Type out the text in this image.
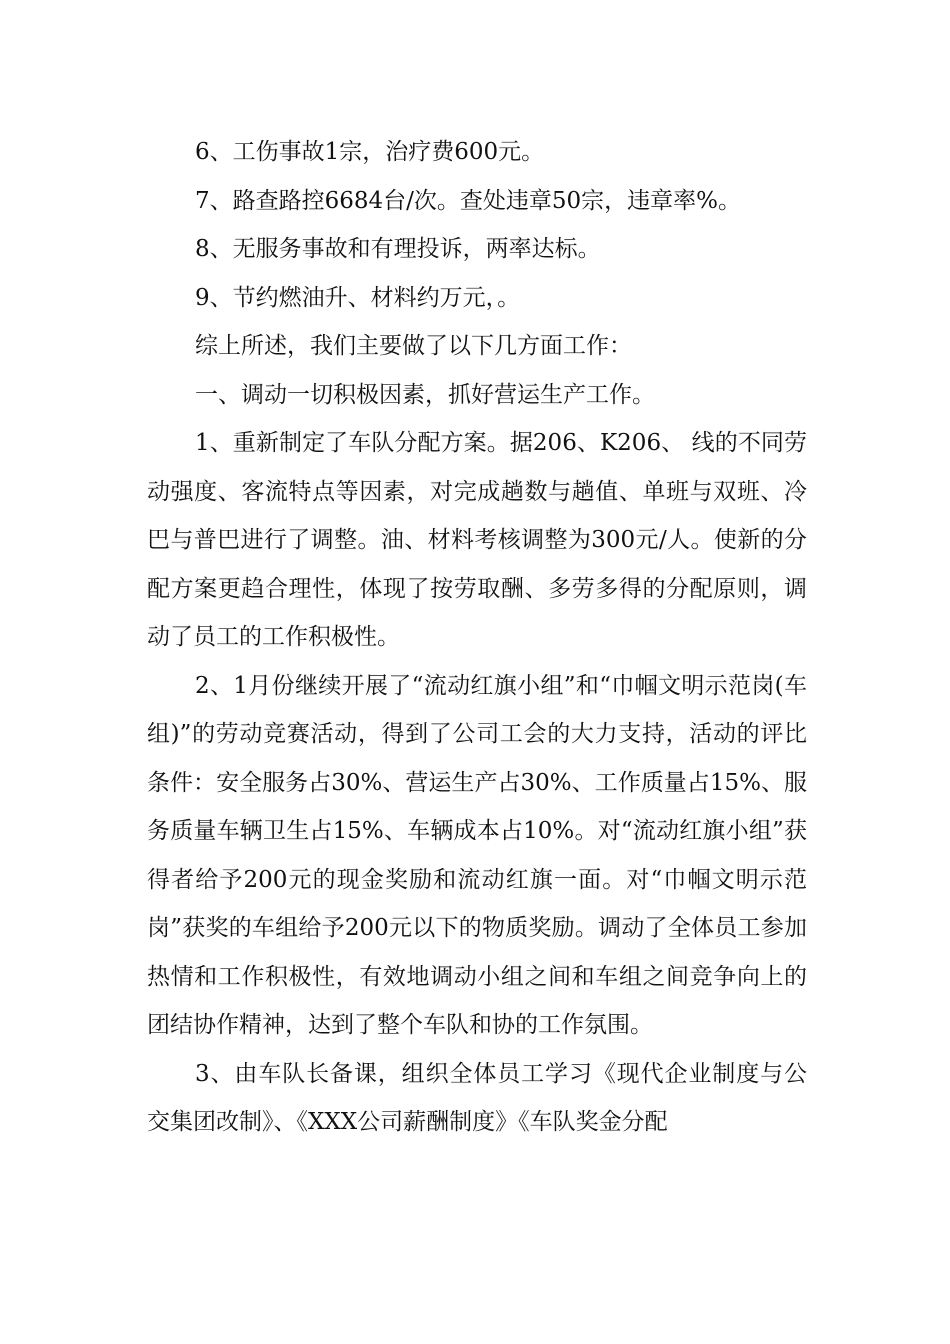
6、工伤事故1宗，治疗费600元。

7、路查路控6684台/次。查处违章50宗，违章率%。

8、无服务事故和有理投诉，两率达标。

9、节约燃油升、材料约万元，。

综上所述，我们主要做了以下几方面工作：

一、调动一切积极因素，抓好营运生产工作。

1、重新制定了车队分配方案。据206、K206、 线的不同劳动强度、客流特点等因素，对完成趟数与趟值、单班与双班、冷巴与普巴进行了调整。油、材料考核调整为300元/人。使新的分配方案更趋合理性，体现了按劳取酬、多劳多得的分配原则，调动了员工的工作积极性。

2、1月份继续开展了“流动红旗小组”和“巾帼文明示范岗(车组)”的劳动竞赛活动，得到了公司工会的大力支持，活动的评比条件：安全服务占30%、营运生产占30%、工作质量占15%、服务质量车辆卫生占15%、车辆成本占10%。对“流动红旗小组”获得者给予200元的现金奖励和流动红旗一面。对“巾帼文明示范岗”获奖的车组给予200元以下的物质奖励。调动了全体员工参加热情和工作积极性，有效地调动小组之间和车组之间竞争向上的团结协作精神，达到了整个车队和协的工作氛围。

3、由车队长备课，组织全体员工学习《现代企业制度与公交集团改制》、《XXX公司薪酬制度》《车队奖金分配
